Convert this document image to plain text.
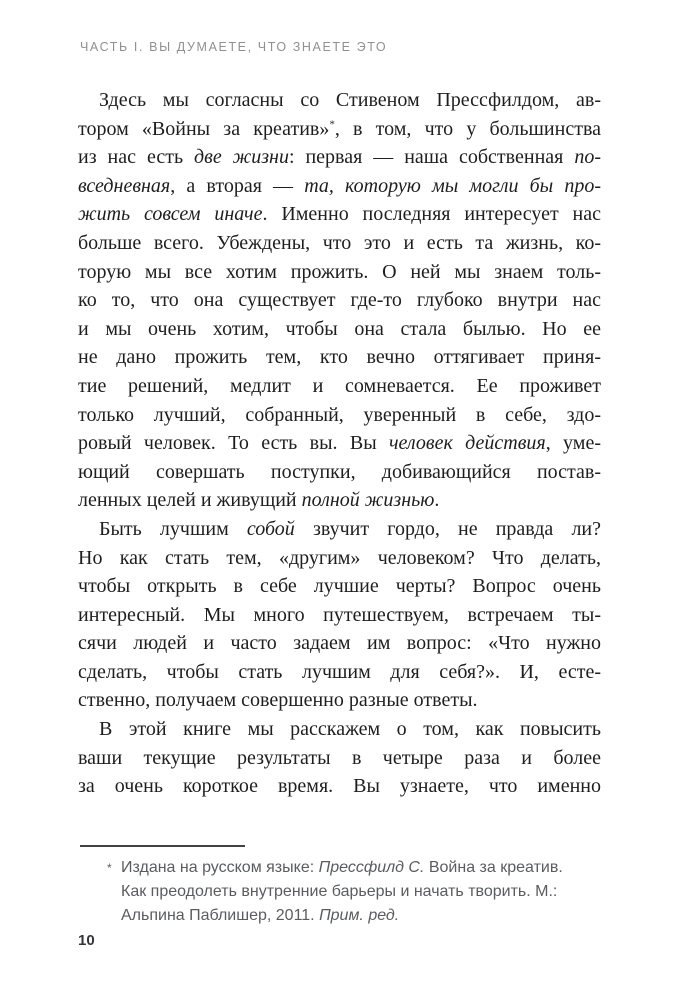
ЧАСТЬ I. ВЫ ДУМАЕТЕ, ЧТО ЗНАЕТЕ ЭТО
Здесь мы согласны со Стивеном Прессфилдом, ав-
тором «Войны за креатив»*, в том, что у большинства
из нас есть две жизни: первая — наша собственная по-
вседневная, а вторая — та, которую мы могли бы про-
жить совсем иначе. Именно последняя интересует нас
больше всего. Убеждены, что это и есть та жизнь, ко-
торую мы все хотим прожить. О ней мы знаем толь-
ко то, что она существует где-то глубоко внутри нас
и мы очень хотим, чтобы она стала былью. Но ее
не дано прожить тем, кто вечно оттягивает приня-
тие решений, медлит и сомневается. Ее проживет
только лучший, собранный, уверенный в себе, здо-
ровый человек. То есть вы. Вы человек действия, уме-
ющий совершать поступки, добивающийся постав-
ленных целей и живущий полной жизнью.
Быть лучшим собой звучит гордо, не правда ли?
Но как стать тем, «другим» человеком? Что делать,
чтобы открыть в себе лучшие черты? Вопрос очень
интересный. Мы много путешествуем, встречаем ты-
сячи людей и часто задаем им вопрос: «Что нужно
сделать, чтобы стать лучшим для себя?». И, есте-
ственно, получаем совершенно разные ответы.
В этой книге мы расскажем о том, как повысить
ваши текущие результаты в четыре раза и более
за очень короткое время. Вы узнаете, что именно
* Издана на русском языке: Прессфилд С. Война за креатив.
Как преодолеть внутренние барьеры и начать творить. М.:
Альпина Паблишер, 2011. Прим. ред.
10
